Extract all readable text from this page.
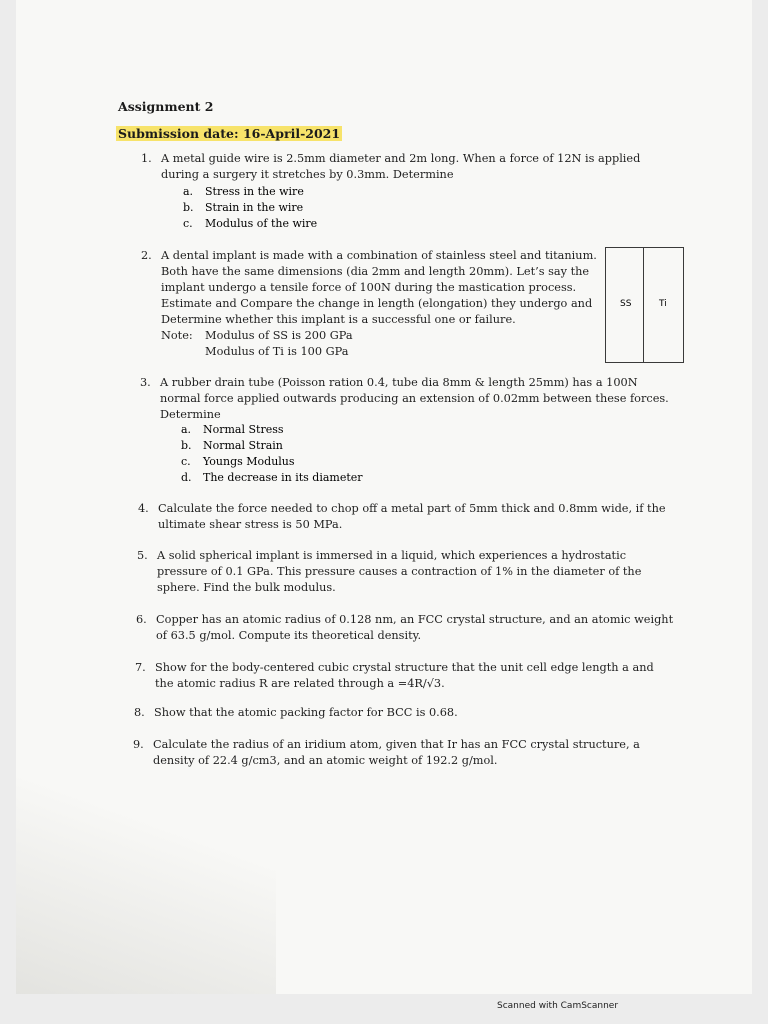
Assignment 2
Submission date: 16-April-2021
1. A metal guide wire is 2.5mm diameter and 2m long. When a force of 12N is applied
during a surgery it stretches by 0.3mm. Determine
a.	Stress in the wire
b.	Strain in the wire
c.	Modulus of the wire
2. A dental implant is made with a combination of stainless steel and titanium.
Both have the same dimensions (dia 2mm and length 20mm). Let’s say the
implant undergo a tensile force of 100N during the mastication process.
Estimate and Compare the change in length (elongation) they undergo and
Determine whether this implant is a successful one or failure.
Note: Modulus of SS is 200 GPa
Modulus of Ti is 100 GPa
SS	Ti
3. A rubber drain tube (Poisson ration 0.4, tube dia 8mm & length 25mm) has a 100N
normal force applied outwards producing an extension of 0.02mm between these forces.
Determine
a.	Normal Stress
b.	Normal Strain
c.	Youngs Modulus
d.	The decrease in its diameter
4. Calculate the force needed to chop off a metal part of 5mm thick and 0.8mm wide, if the
ultimate shear stress is 50 MPa.
5. A solid spherical implant is immersed in a liquid, which experiences a hydrostatic
pressure of 0.1 GPa. This pressure causes a contraction of 1% in the diameter of the
sphere. Find the bulk modulus.
6. Copper has an atomic radius of 0.128 nm, an FCC crystal structure, and an atomic weight
of 63.5 g/mol. Compute its theoretical density.
7. Show for the body-centered cubic crystal structure that the unit cell edge length a and
the atomic radius R are related through a =4R/√3.
8. Show that the atomic packing factor for BCC is 0.68.
9. Calculate the radius of an iridium atom, given that Ir has an FCC crystal structure, a
density of 22.4 g/cm3, and an atomic weight of 192.2 g/mol.
Scanned with CamScanner
